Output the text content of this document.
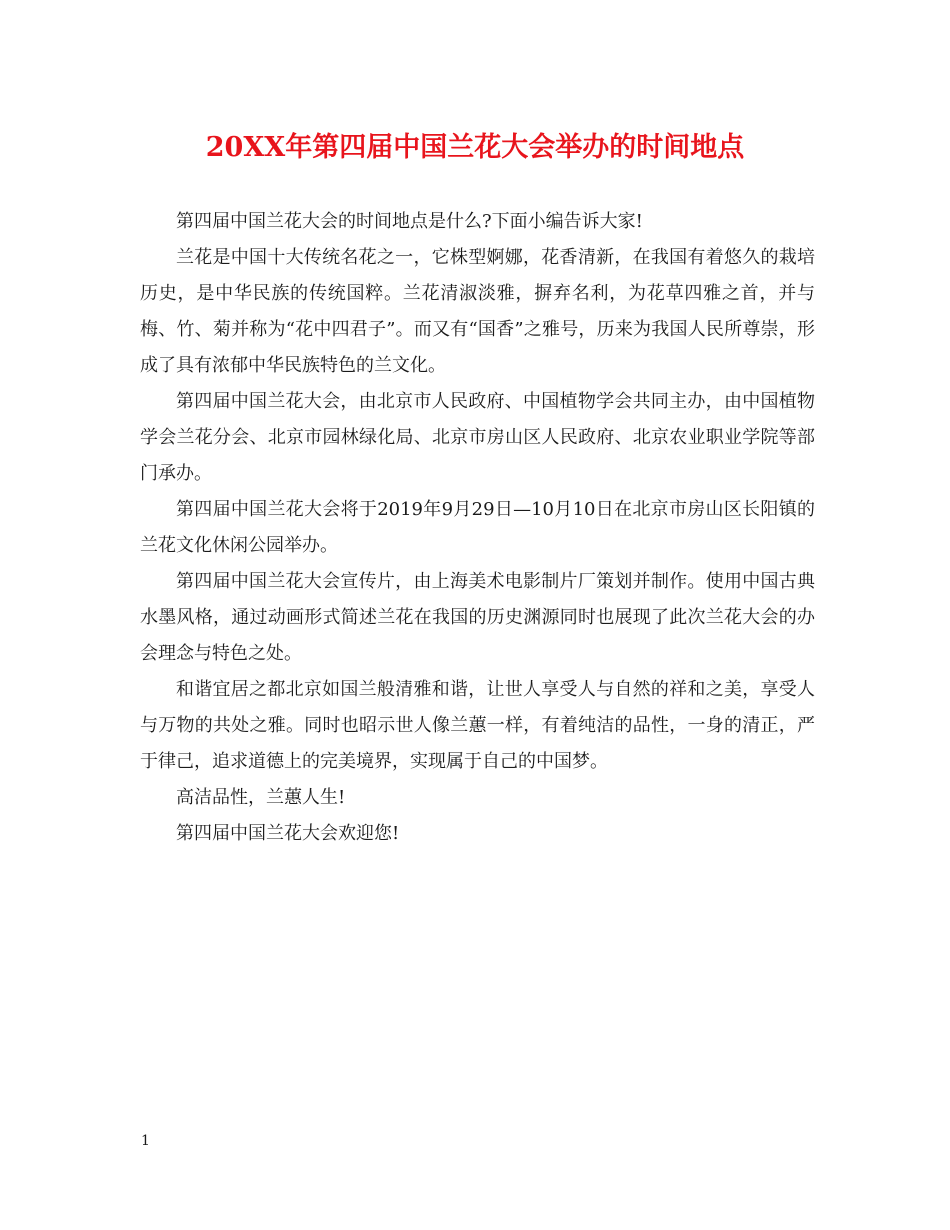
20XX年第四届中国兰花大会举办的时间地点

第四届中国兰花大会的时间地点是什么?下面小编告诉大家!

兰花是中国十大传统名花之一，它株型婀娜，花香清新，在我国有着悠久的栽培历史，是中华民族的传统国粹。兰花清淑淡雅，摒弃名利，为花草四雅之首，并与梅、竹、菊并称为“花中四君子”。而又有“国香”之雅号，历来为我国人民所尊崇，形成了具有浓郁中华民族特色的兰文化。

第四届中国兰花大会，由北京市人民政府、中国植物学会共同主办，由中国植物学会兰花分会、北京市园林绿化局、北京市房山区人民政府、北京农业职业学院等部门承办。

第四届中国兰花大会将于2019年9月29日—10月10日在北京市房山区长阳镇的兰花文化休闲公园举办。

第四届中国兰花大会宣传片，由上海美术电影制片厂策划并制作。使用中国古典水墨风格，通过动画形式简述兰花在我国的历史渊源同时也展现了此次兰花大会的办会理念与特色之处。

和谐宜居之都北京如国兰般清雅和谐，让世人享受人与自然的祥和之美，享受人与万物的共处之雅。同时也昭示世人像兰蕙一样，有着纯洁的品性，一身的清正，严于律己，追求道德上的完美境界，实现属于自己的中国梦。

高洁品性，兰蕙人生!

第四届中国兰花大会欢迎您!

1
